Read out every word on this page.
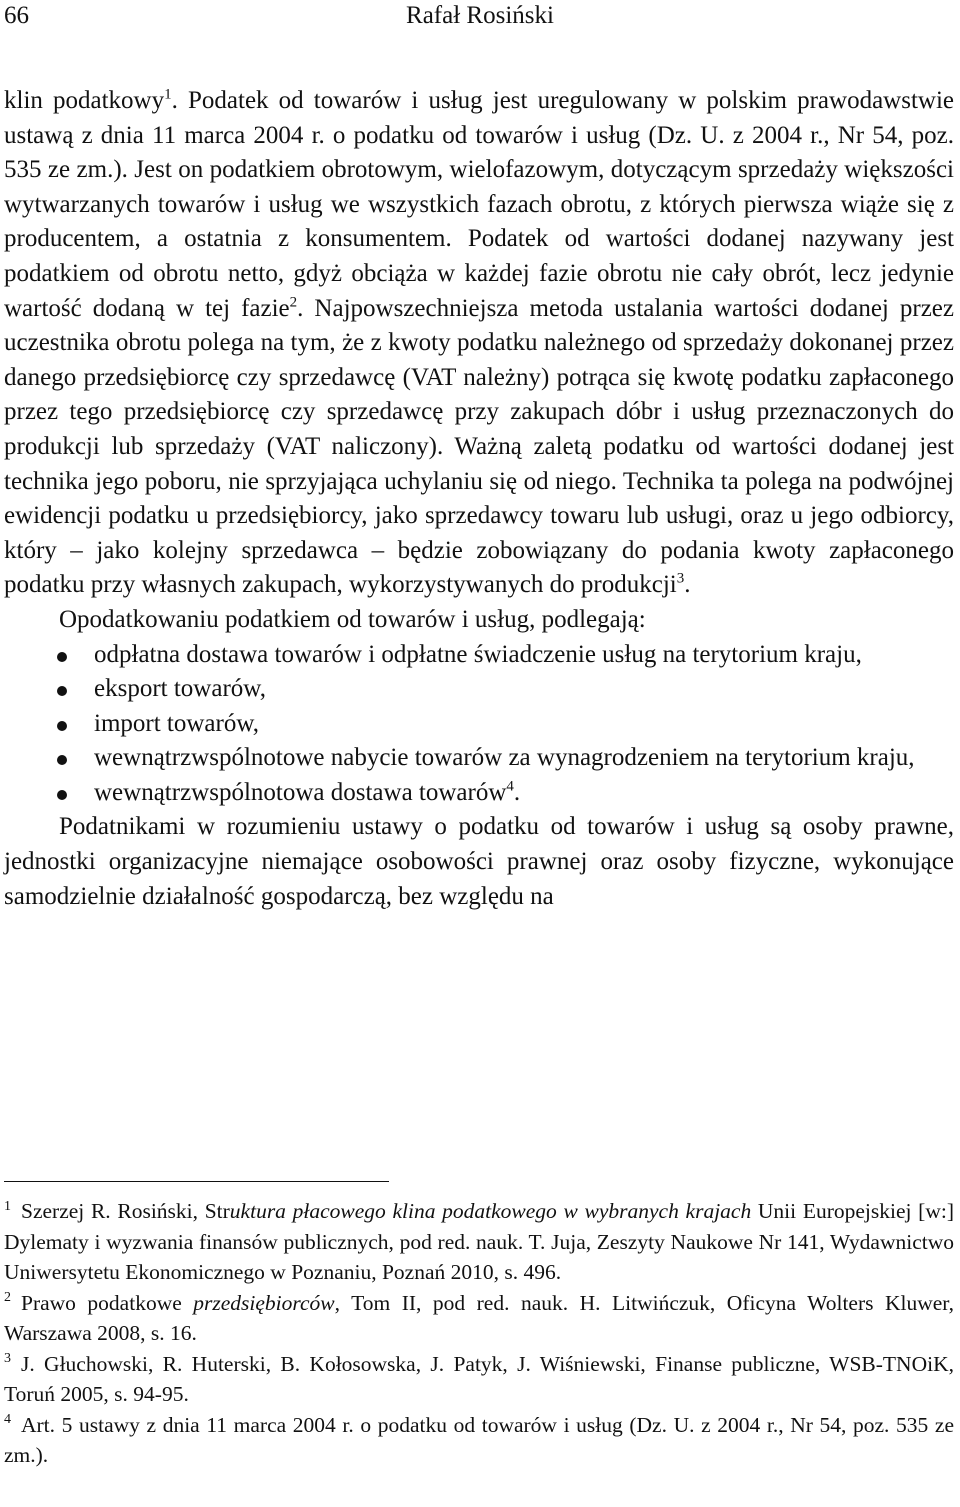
66	Rafał Rosiński

klin podatkowy$^1$. Podatek od towarów i usług jest uregulowany w polskim prawodawstwie ustawą z dnia 11 marca 2004 r. o podatku od towarów i usług (Dz. U. z 2004 r., Nr 54, poz. 535 ze zm.). Jest on podatkiem obrotowym, wielofazowym, dotyczącym sprzedaży większości wytwarzanych towarów i usług we wszystkich fazach obrotu, z których pierwsza wiąże się z producentem, a ostatnia z konsumentem. Podatek od wartości dodanej nazywany jest podatkiem od obrotu netto, gdyż obciąża w każdej fazie obrotu nie cały obrót, lecz jedynie wartość dodaną w tej fazie$^2$. Najpowszechniejsza metoda ustalania wartości dodanej przez uczestnika obrotu polega na tym, że z kwoty podatku należnego od sprzedaży dokonanej przez danego przedsiębiorcę czy sprzedawcę (VAT należny) potrąca się kwotę podatku zapłaconego przez tego przedsiębiorcę czy sprzedawcę przy zakupach dóbr i usług przeznaczonych do produkcji lub sprzedaży (VAT naliczony). Ważną zaletą podatku od wartości dodanej jest technika jego poboru, nie sprzyjająca uchylaniu się od niego. Technika ta polega na podwójnej ewidencji podatku u przedsiębiorcy, jako sprzedawcy towaru lub usługi, oraz u jego odbiorcy, który – jako kolejny sprzedawca – będzie zobowiązany do podania kwoty zapłaconego podatku przy własnych zakupach, wykorzystywanych do produkcji$^3$.

Opodatkowaniu podatkiem od towarów i usług, podlegają:

odpłatna dostawa towarów i odpłatne świadczenie usług na terytorium kraju,
eksport towarów,
import towarów,
wewnątrzwspólnotowe nabycie towarów za wynagrodzeniem na terytorium kraju,
wewnątrzwspólnotowa dostawa towarów$^4$.

Podatnikami w rozumieniu ustawy o podatku od towarów i usług są osoby prawne, jednostki organizacyjne niemające osobowości prawnej oraz osoby fizyczne, wykonujące samodzielnie działalność gospodarczą, bez względu na

$^1$ Szerzej R. Rosiński, Struktura płacowego klina podatkowego w wybranych krajach Unii Europejskiej [w:] Dylematy i wyzwania finansów publicznych, pod red. nauk. T. Juja, Zeszyty Naukowe Nr 141, Wydawnictwo Uniwersytetu Ekonomicznego w Poznaniu, Poznań 2010, s. 496.

$^2$ Prawo podatkowe przedsiębiorców, Tom II, pod red. nauk. H. Litwińczuk, Oficyna Wolters Kluwer, Warszawa 2008, s. 16.

$^3$ J. Głuchowski, R. Huterski, B. Kołosowska, J. Patyk, J. Wiśniewski, Finanse publiczne, WSB-TNOiK, Toruń 2005, s. 94-95.

$^4$ Art. 5 ustawy z dnia 11 marca 2004 r. o podatku od towarów i usług (Dz. U. z 2004 r., Nr 54, poz. 535 ze zm.).
